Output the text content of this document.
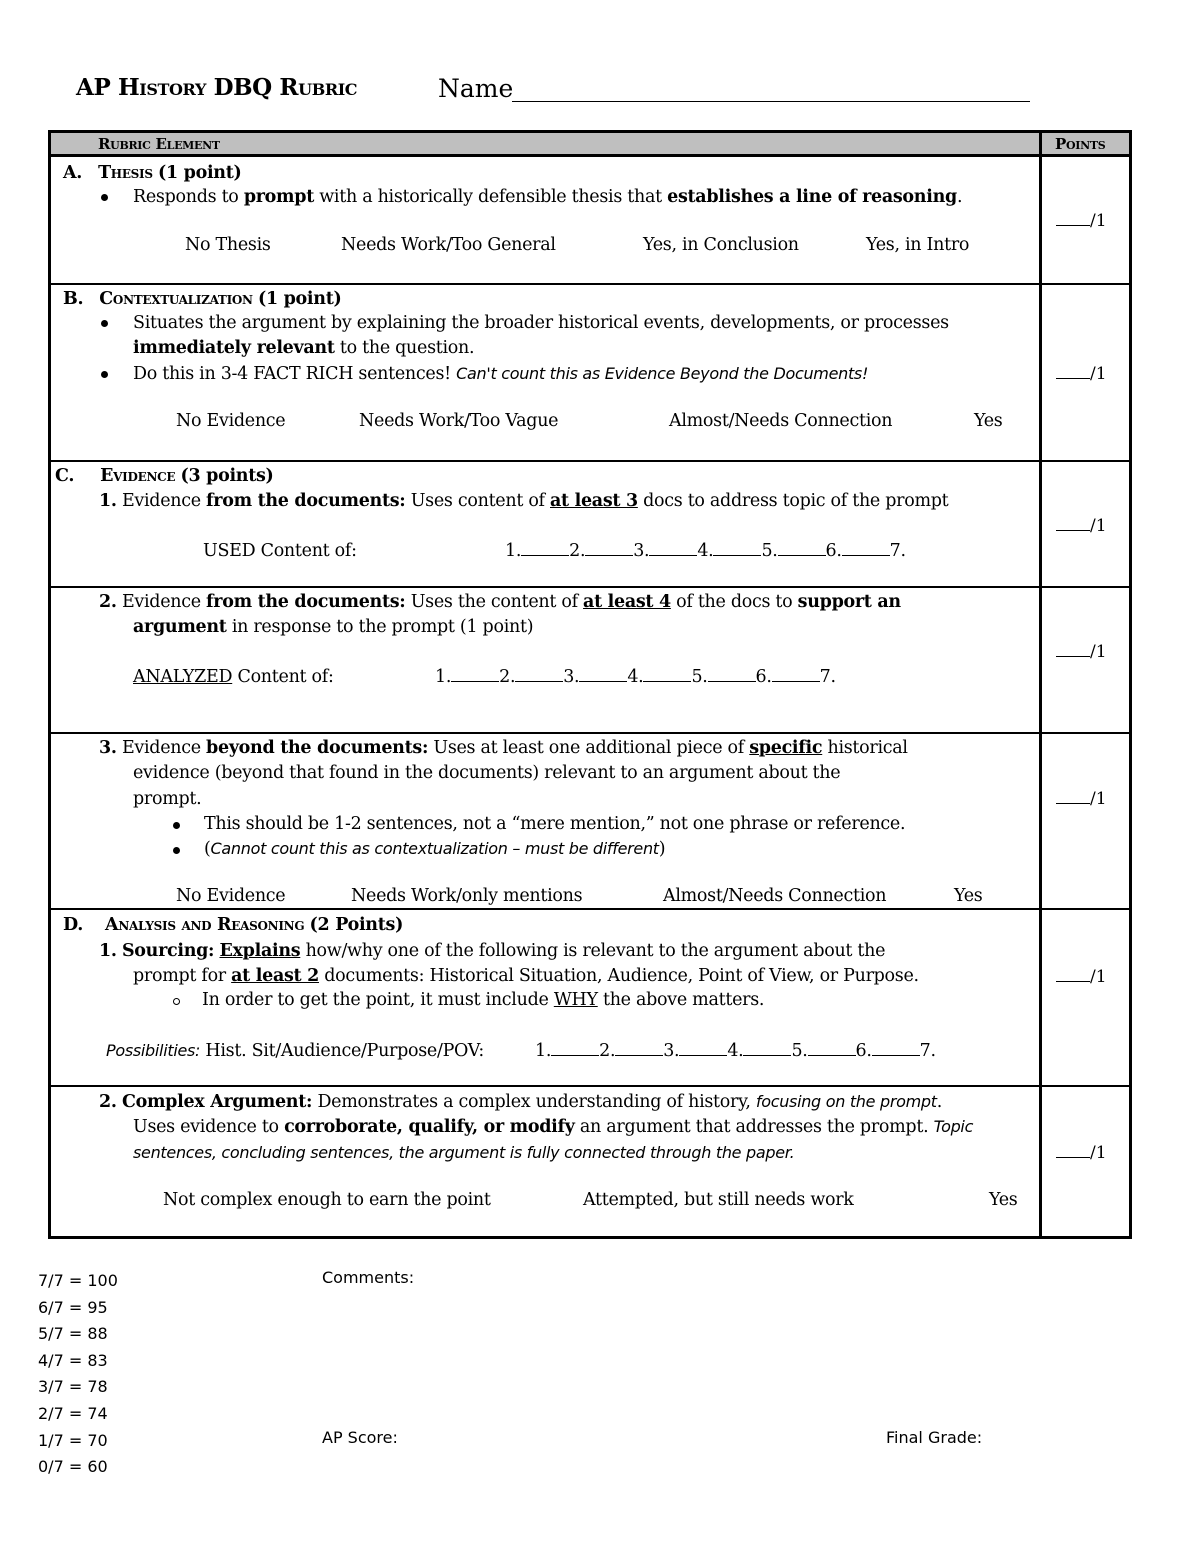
AP History DBQ Rubric	Name
Rubric Element	Points
A. Thesis (1 point)
Responds to prompt with a historically defensible thesis that establishes a line of reasoning.
No Thesis	Needs Work/Too General	Yes, in Conclusion	Yes, in Intro
/1
B. Contextualization (1 point)
Situates the argument by explaining the broader historical events, developments, or processes
immediately relevant to the question.
Do this in 3-4 FACT RICH sentences! Can't count this as Evidence Beyond the Documents!
No Evidence	Needs Work/Too Vague	Almost/Needs Connection	Yes
/1
C. Evidence (3 points)
1. Evidence from the documents: Uses content of at least 3 docs to address topic of the prompt
USED Content of:	1.	2.	3.	4.	5.	6.	7.
/1
2. Evidence from the documents: Uses the content of at least 4 of the docs to support an
argument in response to the prompt (1 point)
ANALYZED Content of:	1.	2.	3.	4.	5.	6.	7.
/1
3. Evidence beyond the documents: Uses at least one additional piece of specific historical
evidence (beyond that found in the documents) relevant to an argument about the
prompt.
This should be 1-2 sentences, not a “mere mention,” not one phrase or reference.
(Cannot count this as contextualization – must be different)
No Evidence	Needs Work/only mentions	Almost/Needs Connection	Yes
/1
D. Analysis and Reasoning (2 Points)
1. Sourcing: Explains how/why one of the following is relevant to the argument about the
prompt for at least 2 documents: Historical Situation, Audience, Point of View, or Purpose.
In order to get the point, it must include WHY the above matters.
Possibilities: Hist. Sit/Audience/Purpose/POV:	1.	2.	3.	4.	5.	6.	7.
/1
2. Complex Argument: Demonstrates a complex understanding of history, focusing on the prompt.
Uses evidence to corroborate, qualify, or modify an argument that addresses the prompt. Topic
sentences, concluding sentences, the argument is fully connected through the paper.
Not complex enough to earn the point	Attempted, but still needs work	Yes
/1
7/7 = 100
6/7 = 95
5/7 = 88
4/7 = 83
3/7 = 78
2/7 = 74
1/7 = 70
0/7 = 60
Comments:
AP Score:	Final Grade:
